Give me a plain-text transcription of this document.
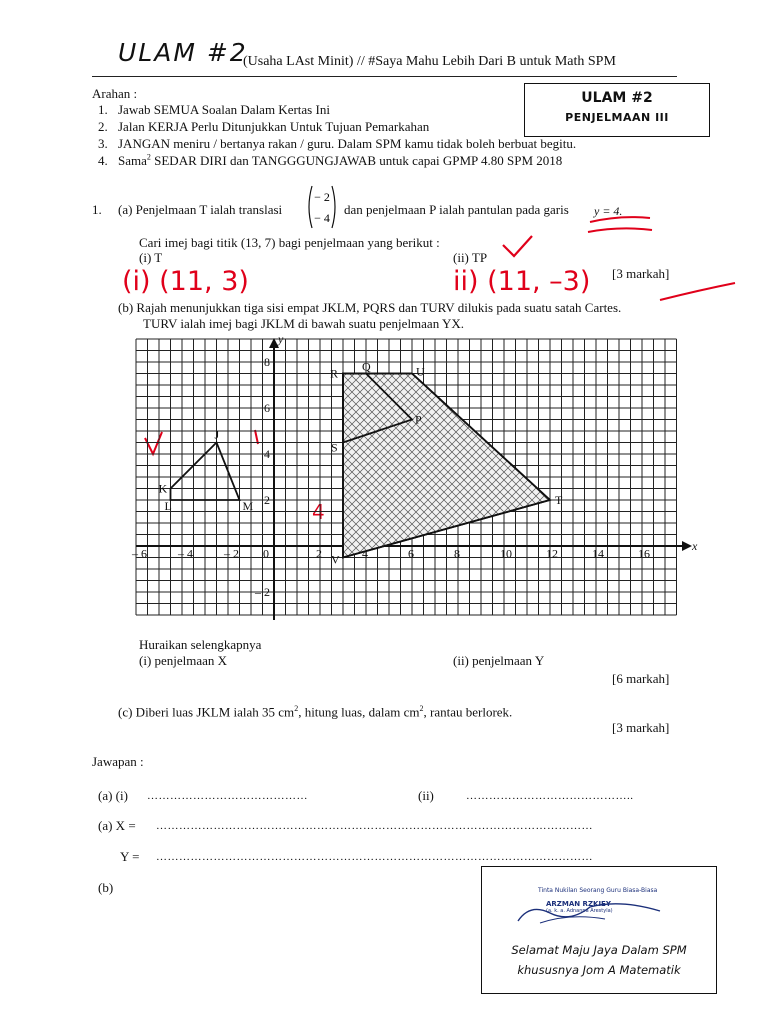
ULAM #2
(Usaha LAst Minit) // #Saya Mahu Lebih Dari B untuk Math SPM
ULAM #2
PENJELMAAN III
Arahan :
1. Jawab SEMUA Soalan Dalam Kertas Ini
2. Jalan KERJA Perlu Ditunjukkan Untuk Tujuan Pemarkahan
3. JANGAN meniru / bertanya rakan / guru. Dalam SPM kamu tidak boleh berbuat begitu.
4. Sama$^2$ SEDAR DIRI dan TANGGGUNGJAWAB untuk capai GPMP 4.80 SPM 2018
1. (a) Penjelmaan T ialah translasi
− 2
− 4
dan penjelmaan P ialah pantulan pada garis y = 4.
Cari imej bagi titik (13, 7) bagi penjelmaan yang berikut :
(i) T	(ii) TP
[3 markah]
(i) (11, 3)	ii) (11, –3)
4
(b) Rajah menunjukkan tiga sisi empat JKLM, PQRS dan TURV dilukis pada suatu satah Cartes.
TURV ialah imej bagi JKLM di bawah suatu penjelmaan YX.
– 6	– 4	– 2 0	2	4	6	8	10	12	14	16
8
6
4
2
– 2
y
x
J
K
L	M
P
Q
R
S
T
U
V
Huraikan selengkapnya
(i) penjelmaan X	(ii) penjelmaan Y
[6 markah]
(c) Diberi luas JKLM ialah 35 $cm^2$, hitung luas, dalam $cm^2$, rantau berlorek.
[3 markah]
Jawapan :
(a) (i) ……………………………………	(ii)	……………………………………..
(a) X = ……………………………………………………………………………………………………
Y = ……………………………………………………………………………………………………
(b)	Tinta Nukilan Seorang Guru Biasa-Biasa
ARZMAN RZKIEY
(a. k. a. Adnanna Arestyla)
Selamat Maju Jaya Dalam SPM
khususnya Jom A Matematik
